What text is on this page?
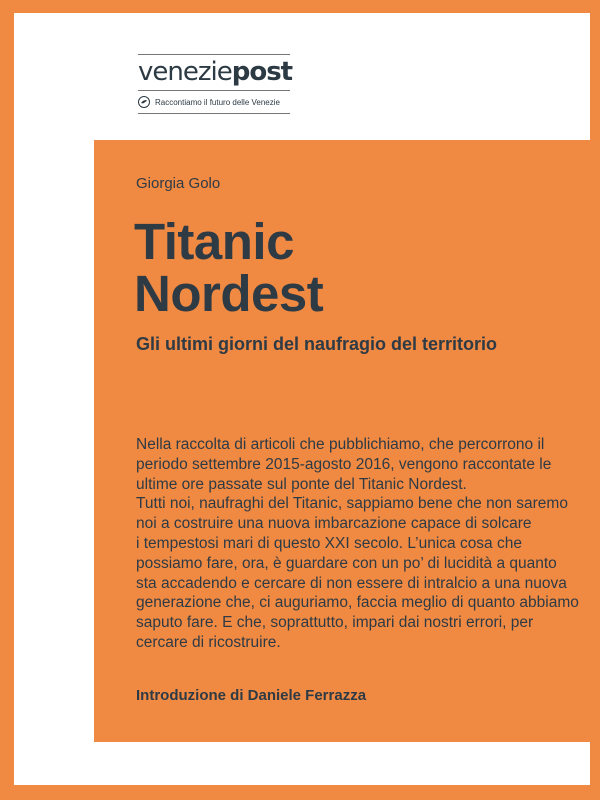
veneziepost
Raccontiamo il futuro delle Venezie
Giorgia Golo
Titanic
Nordest
Gli ultimi giorni del naufragio del territorio

Nella raccolta di articoli che pubblichiamo, che percorrono il
periodo settembre 2015-agosto 2016, vengono raccontate le
ultime ore passate sul ponte del Titanic Nordest.
Tutti noi, naufraghi del Titanic, sappiamo bene che non saremo
noi a costruire una nuova imbarcazione capace di solcare
i tempestosi mari di questo XXI secolo. L’unica cosa che
possiamo fare, ora, è guardare con un po’ di lucidità a quanto
sta accadendo e cercare di non essere di intralcio a una nuova
generazione che, ci auguriamo, faccia meglio di quanto abbiamo
saputo fare. E che, soprattutto, impari dai nostri errori, per
cercare di ricostruire.

Introduzione di Daniele Ferrazza
